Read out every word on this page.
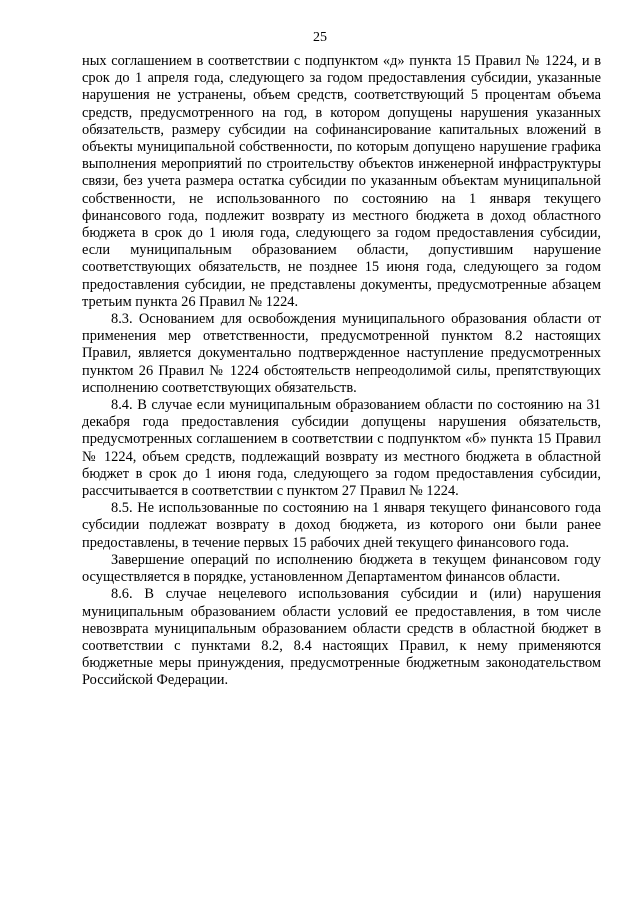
25

ных соглашением в соответствии с подпунктом «д» пункта 15 Правил № 1224, и в срок до 1 апреля года, следующего за годом предоставления субсидии, указанные нарушения не устранены, объем средств, соответствующий 5 процентам объема средств, предусмотренного на год, в котором допущены нарушения указанных обязательств, размеру субсидии на софинансирование капитальных вложений в объекты муниципальной собственности, по которым допущено нарушение графика выполнения мероприятий по строительству объектов инженерной инфраструктуры связи, без учета размера остатка субсидии по указанным объектам муниципальной собственности, не использованного по состоянию на 1 января текущего финансового года, подлежит возврату из местного бюджета в доход областного бюджета в срок до 1 июля года, следующего за годом предоставления субсидии, если муниципальным образованием области, допустившим нарушение соответствующих обязательств, не позднее 15 июня года, следующего за годом предоставления субсидии, не представлены документы, предусмотренные абзацем третьим пункта 26 Правил № 1224.

8.3. Основанием для освобождения муниципального образования области от применения мер ответственности, предусмотренной пунктом 8.2 настоящих Правил, является документально подтвержденное наступление предусмотренных пунктом 26 Правил № 1224 обстоятельств непреодолимой силы, препятствующих исполнению соответствующих обязательств.

8.4. В случае если муниципальным образованием области по состоянию на 31 декабря года предоставления субсидии допущены нарушения обязательств, предусмотренных соглашением в соответствии с подпунктом «б» пункта 15 Правил № 1224, объем средств, подлежащий возврату из местного бюджета в областной бюджет в срок до 1 июня года, следующего за годом предоставления субсидии, рассчитывается в соответствии с пунктом 27 Правил № 1224.

8.5. Не использованные по состоянию на 1 января текущего финансового года субсидии подлежат возврату в доход бюджета, из которого они были ранее предоставлены, в течение первых 15 рабочих дней текущего финансового года.

Завершение операций по исполнению бюджета в текущем финансовом году осуществляется в порядке, установленном Департаментом финансов области.

8.6. В случае нецелевого использования субсидии и (или) нарушения муниципальным образованием области условий ее предоставления, в том числе невозврата муниципальным образованием области средств в областной бюджет в соответствии с пунктами 8.2, 8.4 настоящих Правил, к нему применяются бюджетные меры принуждения, предусмотренные бюджетным законодательством Российской Федерации.
